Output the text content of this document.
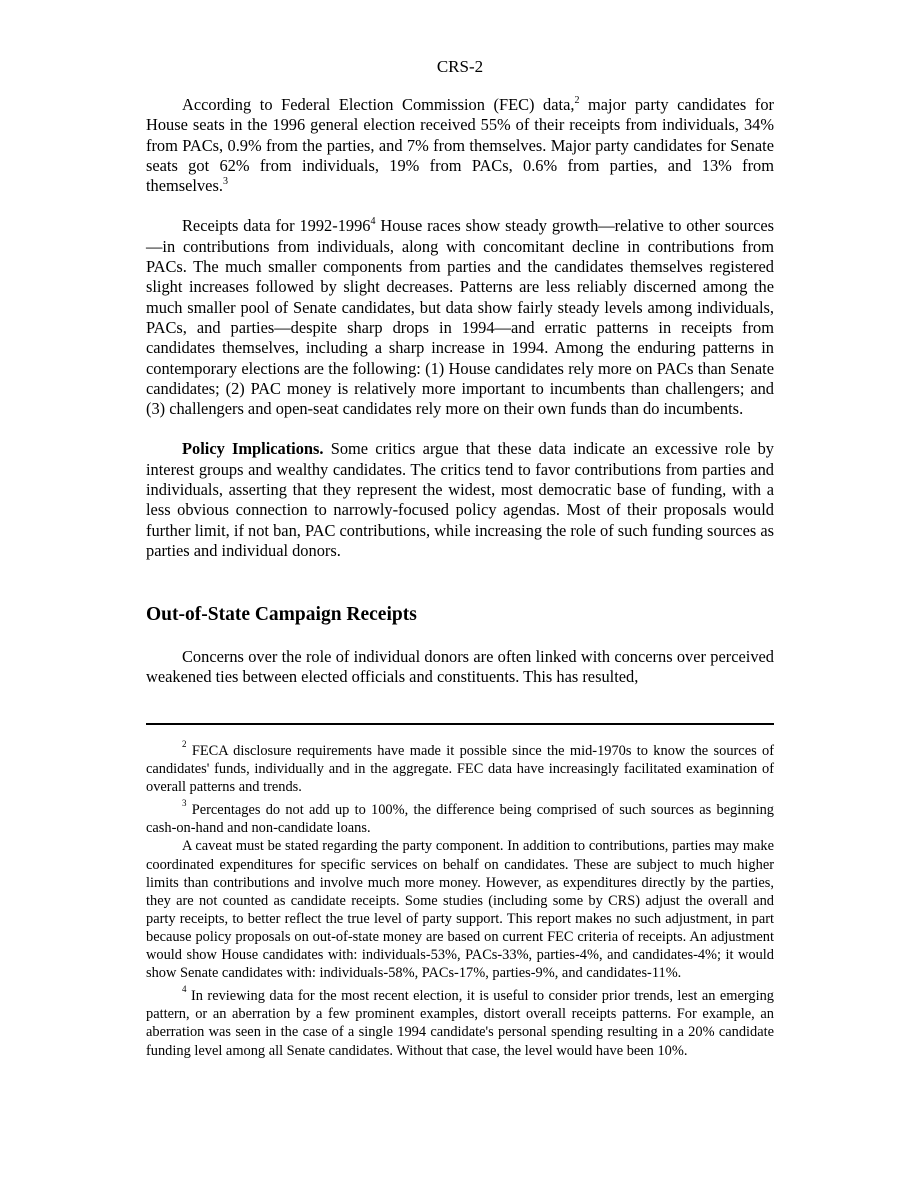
CRS-2

According to Federal Election Commission (FEC) data,$^2$ major party candidates for House seats in the 1996 general election received 55% of their receipts from individuals, 34% from PACs, 0.9% from the parties, and 7% from themselves. Major party candidates for Senate seats got 62% from individuals, 19% from PACs, 0.6% from parties, and 13% from themselves.$^3$

Receipts data for 1992-1996$^4$ House races show steady growth—relative to other sources—in contributions from individuals, along with concomitant decline in contributions from PACs. The much smaller components from parties and the candidates themselves registered slight increases followed by slight decreases. Patterns are less reliably discerned among the much smaller pool of Senate candidates, but data show fairly steady levels among individuals, PACs, and parties—despite sharp drops in 1994—and erratic patterns in receipts from candidates themselves, including a sharp increase in 1994. Among the enduring patterns in contemporary elections are the following: (1) House candidates rely more on PACs than Senate candidates; (2) PAC money is relatively more important to incumbents than challengers; and (3) challengers and open-seat candidates rely more on their own funds than do incumbents.

Policy Implications. Some critics argue that these data indicate an excessive role by interest groups and wealthy candidates. The critics tend to favor contributions from parties and individuals, asserting that they represent the widest, most democratic base of funding, with a less obvious connection to narrowly-focused policy agendas. Most of their proposals would further limit, if not ban, PAC contributions, while increasing the role of such funding sources as parties and individual donors.

Out-of-State Campaign Receipts

Concerns over the role of individual donors are often linked with concerns over perceived weakened ties between elected officials and constituents. This has resulted,

$^2$ FECA disclosure requirements have made it possible since the mid-1970s to know the sources of candidates' funds, individually and in the aggregate. FEC data have increasingly facilitated examination of overall patterns and trends.

$^3$ Percentages do not add up to 100%, the difference being comprised of such sources as beginning cash-on-hand and non-candidate loans.

A caveat must be stated regarding the party component. In addition to contributions, parties may make coordinated expenditures for specific services on behalf on candidates. These are subject to much higher limits than contributions and involve much more money. However, as expenditures directly by the parties, they are not counted as candidate receipts. Some studies (including some by CRS) adjust the overall and party receipts, to better reflect the true level of party support. This report makes no such adjustment, in part because policy proposals on out-of-state money are based on current FEC criteria of receipts. An adjustment would show House candidates with: individuals-53%, PACs-33%, parties-4%, and candidates-4%; it would show Senate candidates with: individuals-58%, PACs-17%, parties-9%, and candidates-11%.

$^4$ In reviewing data for the most recent election, it is useful to consider prior trends, lest an emerging pattern, or an aberration by a few prominent examples, distort overall receipts patterns. For example, an aberration was seen in the case of a single 1994 candidate's personal spending resulting in a 20% candidate funding level among all Senate candidates. Without that case, the level would have been 10%.
